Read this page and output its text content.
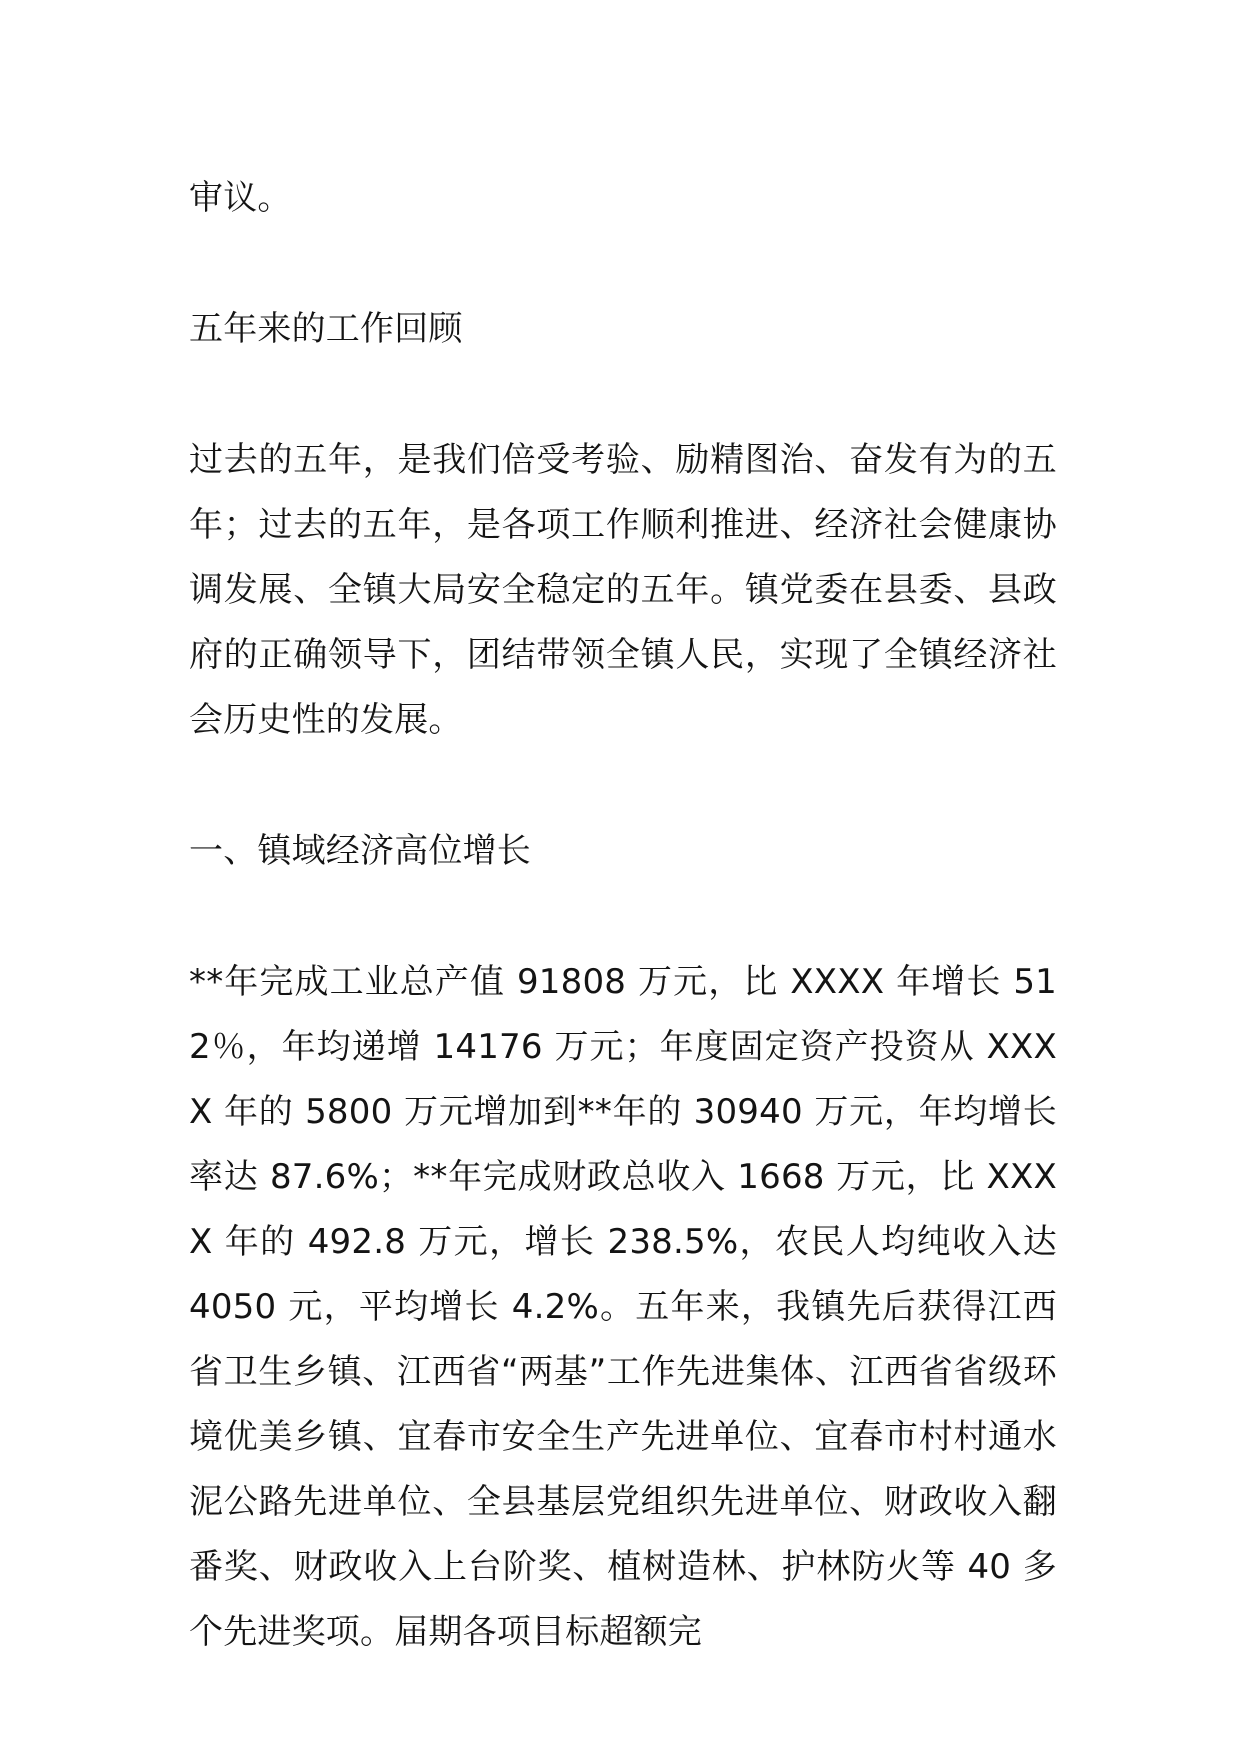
审议。

五年来的工作回顾

过去的五年，是我们倍受考验、励精图治、奋发有为的五年；过去的五年，是各项工作顺利推进、经济社会健康协调发展、全镇大局安全稳定的五年。镇党委在县委、县政府的正确领导下，团结带领全镇人民，实现了全镇经济社会历史性的发展。

一、镇域经济高位增长

**年完成工业总产值 91808 万元，比 XXXX 年增长 512％，年均递增 14176 万元；年度固定资产投资从 XXXX 年的 5800 万元增加到**年的 30940 万元，年均增长率达 87.6%；**年完成财政总收入 1668 万元，比 XXXX 年的 492.8 万元，增长 238.5%，农民人均纯收入达 4050 元，平均增长 4.2%。五年来，我镇先后获得江西省卫生乡镇、江西省“两基”工作先进集体、江西省省级环境优美乡镇、宜春市安全生产先进单位、宜春市村村通水泥公路先进单位、全县基层党组织先进单位、财政收入翻番奖、财政收入上台阶奖、植树造林、护林防火等 40 多个先进奖项。届期各项目标超额完
